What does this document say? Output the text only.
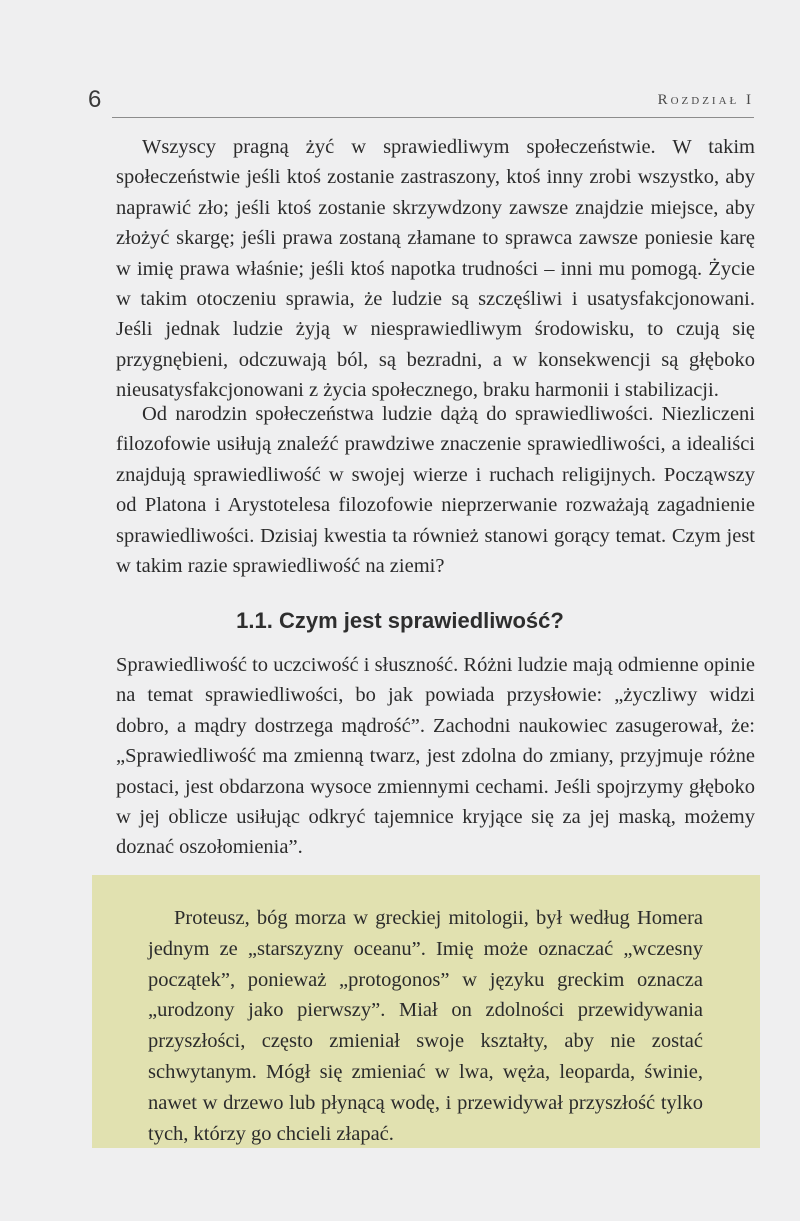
6	Rozdział I

Wszyscy pragną żyć w sprawiedliwym społeczeństwie. W takim społeczeństwie jeśli ktoś zostanie zastraszony, ktoś inny zrobi wszystko, aby naprawić zło; jeśli ktoś zostanie skrzywdzony zawsze znajdzie miejsce, aby złożyć skargę; jeśli prawa zostaną złamane to sprawca zawsze poniesie karę w imię prawa właśnie; jeśli ktoś napotka trudności – inni mu pomogą. Życie w takim otoczeniu sprawia, że ludzie są szczęśliwi i usatysfakcjonowani. Jeśli jednak ludzie żyją w niesprawiedliwym środowisku, to czują się przygnębieni, odczuwają ból, są bezradni, a w konsekwencji są głęboko nieusatysfakcjonowani z życia społecznego, braku harmonii i stabilizacji.

Od narodzin społeczeństwa ludzie dążą do sprawiedliwości. Niezliczeni filozofowie usiłują znaleźć prawdziwe znaczenie sprawiedliwości, a idealiści znajdują sprawiedliwość w swojej wierze i ruchach religijnych. Począwszy od Platona i Arystotelesa filozofowie nieprzerwanie rozważają zagadnienie sprawiedliwości. Dzisiaj kwestia ta również stanowi gorący temat. Czym jest w takim razie sprawiedliwość na ziemi?

1.1. Czym jest sprawiedliwość?

Sprawiedliwość to uczciwość i słuszność. Różni ludzie mają odmienne opinie na temat sprawiedliwości, bo jak powiada przysłowie: „życzliwy widzi dobro, a mądry dostrzega mądrość”. Zachodni naukowiec zasugerował, że: „Sprawiedliwość ma zmienną twarz, jest zdolna do zmiany, przyjmuje różne postaci, jest obdarzona wysoce zmiennymi cechami. Jeśli spojrzymy głęboko w jej oblicze usiłując odkryć tajemnice kryjące się za jej maską, możemy doznać oszołomienia”.

Proteusz, bóg morza w greckiej mitologii, był według Homera jednym ze „starszyzny oceanu”. Imię może oznaczać „wczesny początek”, ponieważ „protogonos” w języku greckim oznacza „urodzony jako pierwszy”. Miał on zdolności przewidywania przyszłości, często zmieniał swoje kształty, aby nie zostać schwytanym. Mógł się zmieniać w lwa, węża, leoparda, świnie, nawet w drzewo lub płynącą wodę, i przewidywał przyszłość tylko tych, którzy go chcieli złapać.
